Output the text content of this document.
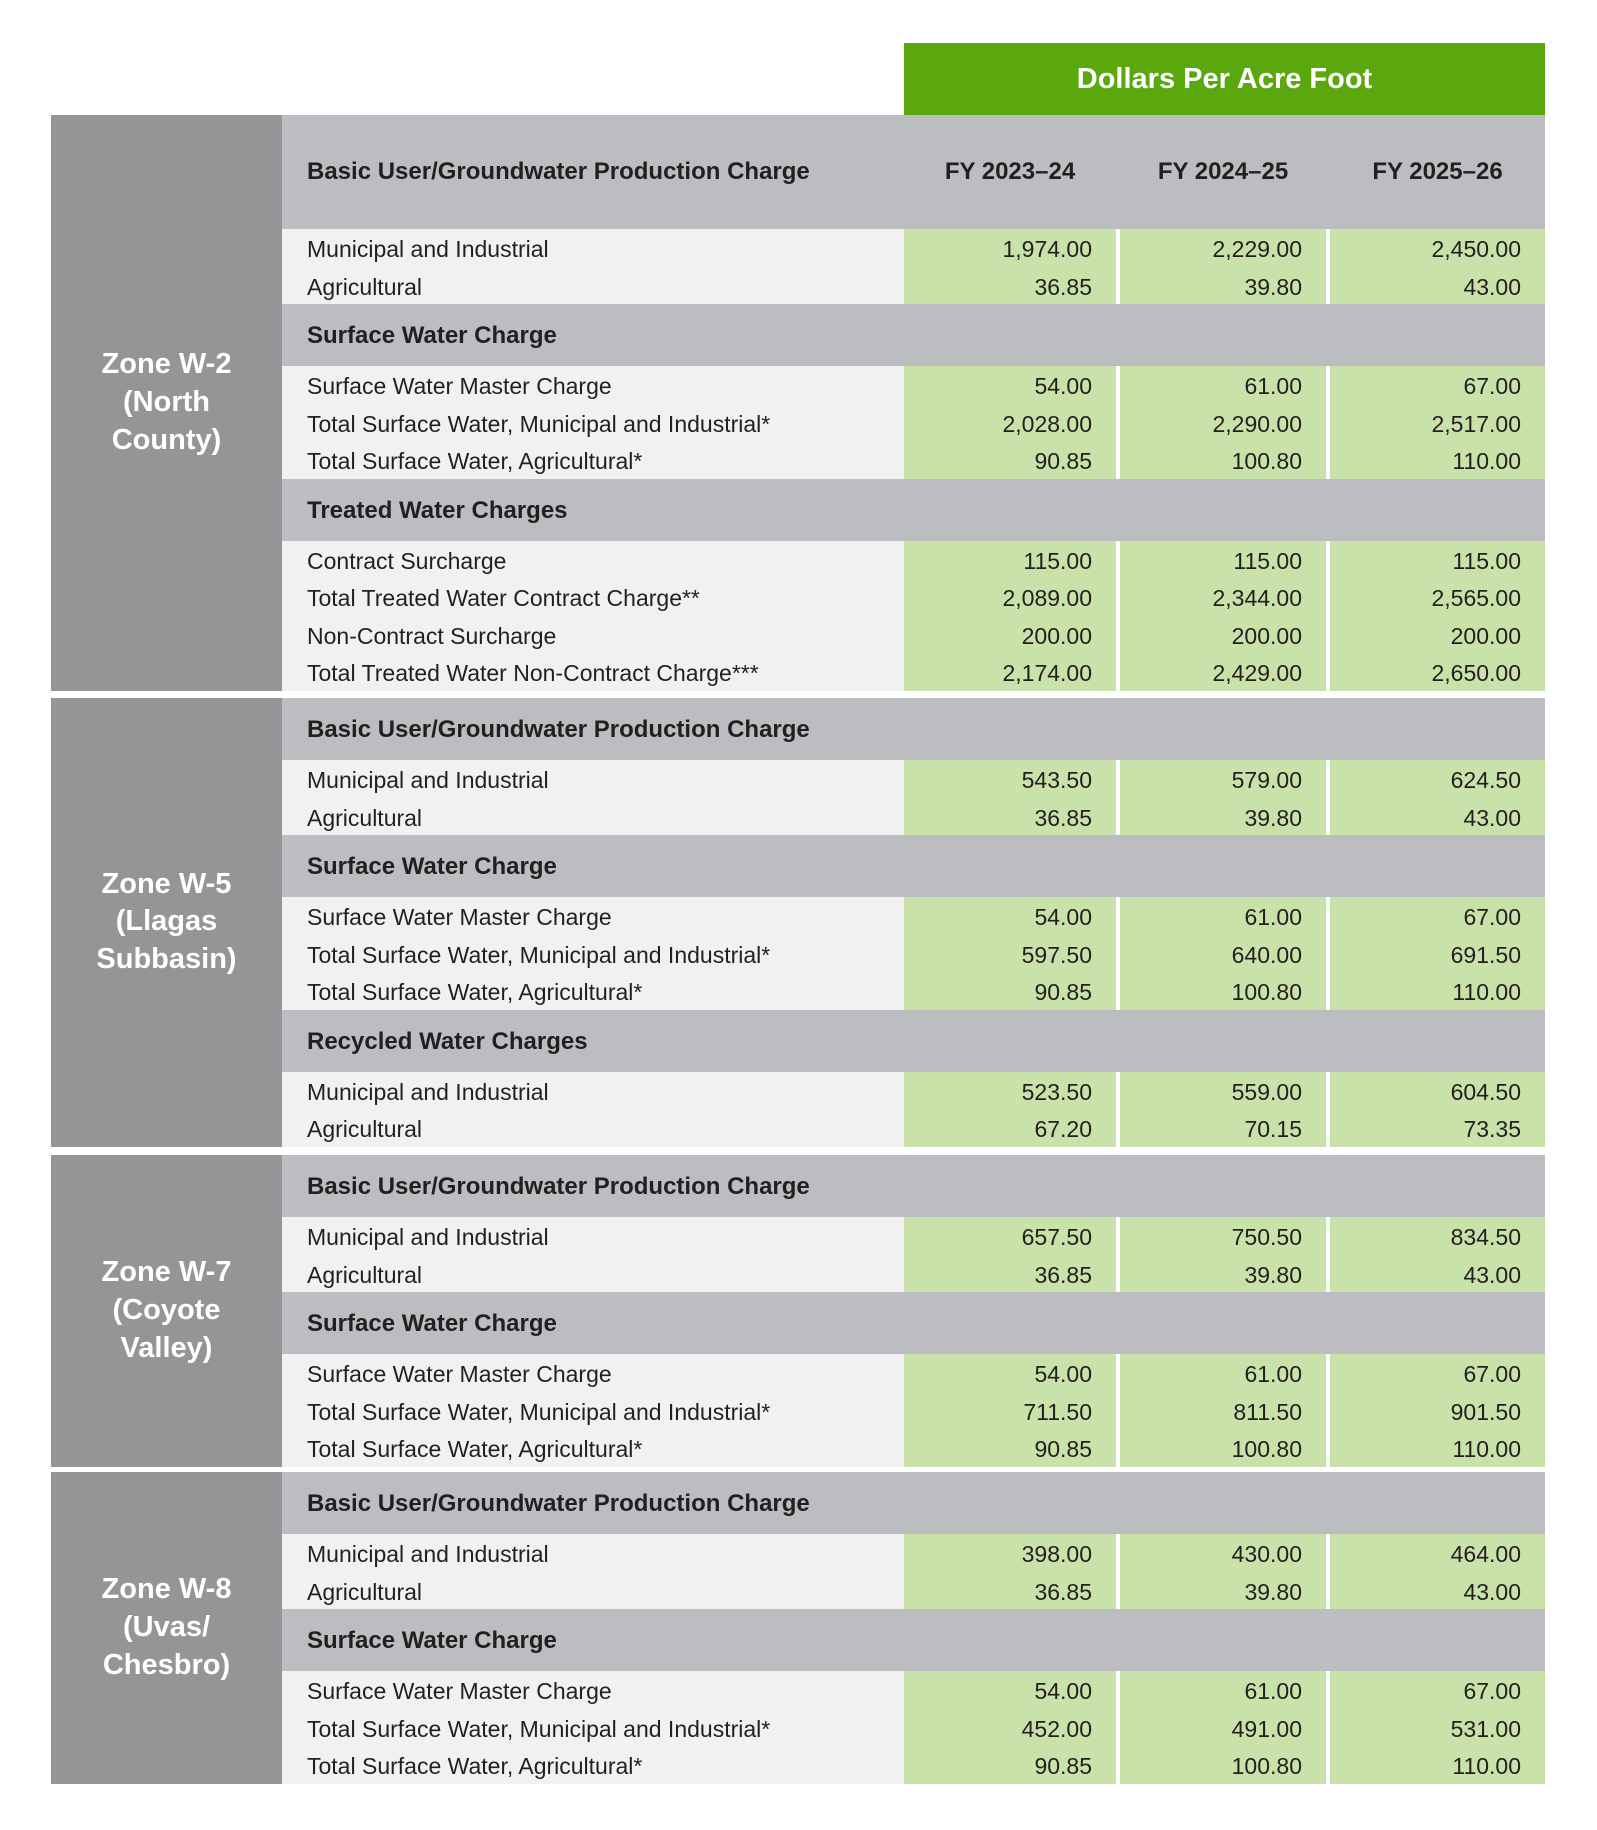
Dollars Per Acre Foot
Basic User/Groundwater Production Charge	FY 2023–24	FY 2024–25	FY 2025–26
Municipal and Industrial	1,974.00	2,229.00	2,450.00
Agricultural	36.85	39.80	43.00
Surface Water Charge
Surface Water Master Charge	54.00	61.00	67.00
Total Surface Water, Municipal and Industrial*	2,028.00	2,290.00	2,517.00
Total Surface Water, Agricultural*	90.85	100.80	110.00
Treated Water Charges
Contract Surcharge	115.00	115.00	115.00
Total Treated Water Contract Charge**	2,089.00	2,344.00	2,565.00
Non-Contract Surcharge	200.00	200.00	200.00
Total Treated Water Non-Contract Charge***	2,174.00	2,429.00	2,650.00
Zone W-2
(North
County)
Basic User/Groundwater Production Charge
Municipal and Industrial	543.50	579.00	624.50
Agricultural	36.85	39.80	43.00
Surface Water Charge
Surface Water Master Charge	54.00	61.00	67.00
Total Surface Water, Municipal and Industrial*	597.50	640.00	691.50
Total Surface Water, Agricultural*	90.85	100.80	110.00
Recycled Water Charges
Municipal and Industrial	523.50	559.00	604.50
Agricultural	67.20	70.15	73.35
Zone W-5
(Llagas
Subbasin)
Basic User/Groundwater Production Charge
Municipal and Industrial	657.50	750.50	834.50
Agricultural	36.85	39.80	43.00
Surface Water Charge
Surface Water Master Charge	54.00	61.00	67.00
Total Surface Water, Municipal and Industrial*	711.50	811.50	901.50
Total Surface Water, Agricultural*	90.85	100.80	110.00
Zone W-7
(Coyote
Valley)
Basic User/Groundwater Production Charge
Municipal and Industrial	398.00	430.00	464.00
Agricultural	36.85	39.80	43.00
Surface Water Charge
Surface Water Master Charge	54.00	61.00	67.00
Total Surface Water, Municipal and Industrial*	452.00	491.00	531.00
Total Surface Water, Agricultural*	90.85	100.80	110.00
Zone W-8
(Uvas/
Chesbro)
